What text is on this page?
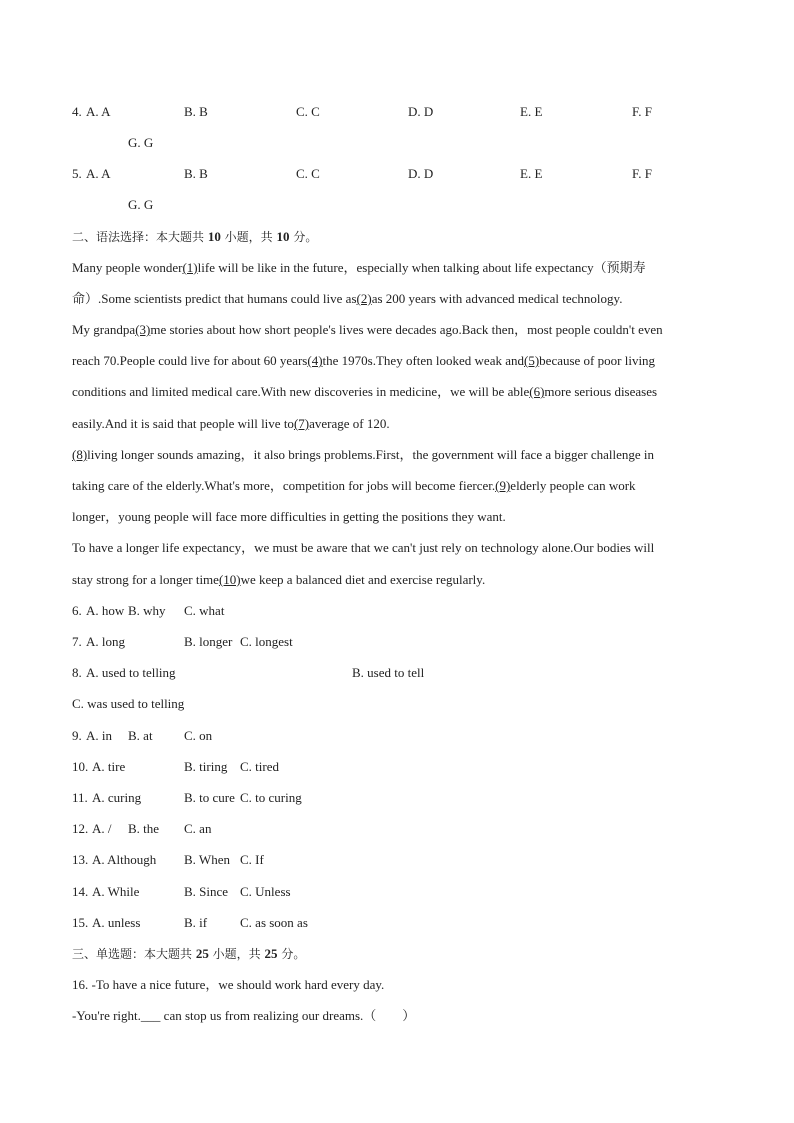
4. A. A	B. B	C. C	D. D	E. E	F. F
G. G
5. A. A	B. B	C. C	D. D	E. E	F. F
G. G
二、语法选择：本大题共 10 小题，共 10 分。
Many people wonder(1)life will be like in the future，especially when talking about life expectancy（预期寿
命）.Some scientists predict that humans could live as(2)as 200 years with advanced medical technology.
My grandpa(3)me stories about how short people's lives were decades ago.Back then，most people couldn't even
reach 70.People could live for about 60 years(4)the 1970s.They often looked weak and(5)because of poor living
conditions and limited medical care.With new discoveries in medicine，we will be able(6)more serious diseases
easily.And it is said that people will live to(7)average of 120.
(8)living longer sounds amazing，it also brings problems.First，the government will face a bigger challenge in
taking care of the elderly.What's more，competition for jobs will become fiercer.(9)elderly people can work
longer，young people will face more difficulties in getting the positions they want.
To have a longer life expectancy，we must be aware that we can't just rely on technology alone.Our bodies will
stay strong for a longer time(10)we keep a balanced diet and exercise regularly.
6. A. how B. why C. what
7. A. long	B. longer C. longest
8. A. used to telling	B. used to tell
C. was used to telling
9. A. in B. at C. on
10. A. tire	B. tiring C. tired
11. A. curing	B. to cure C. to curing
12. A. / B. the C. an
13. A. Although B. When C. If
14. A. While	B. Since C. Unless
15. A. unless	B. if	C. as soon as
三、单选题：本大题共 25 小题，共 25 分。
16. -To have a nice future，we should work hard every day.
-You're right.___ can stop us from realizing our dreams.（　　）
